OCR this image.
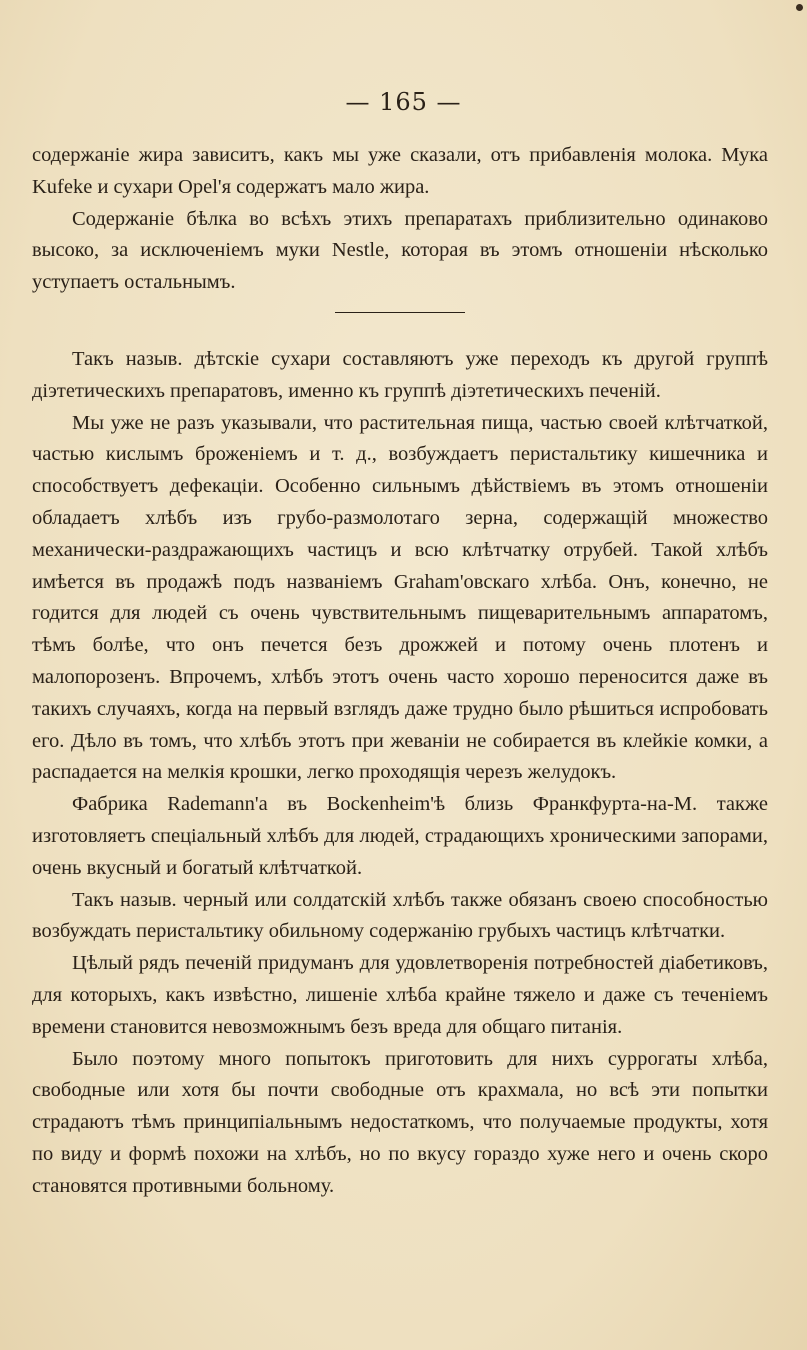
— 165 —

содержаніе жира зависитъ, какъ мы уже сказали, отъ прибавленія молока. Мука Kufeke и сухари Opel'я содержатъ мало жира.

Содержаніе бѣлка во всѣхъ этихъ препаратахъ приблизительно одинаково высоко, за исключеніемъ муки Nestle, которая въ этомъ отношеніи нѣсколько уступаетъ остальнымъ.

Такъ назыв. дѣтскіе сухари составляютъ уже переходъ къ другой группѣ діэтетическихъ препаратовъ, именно къ группѣ діэтетическихъ печеній.

Мы уже не разъ указывали, что растительная пища, частью своей клѣтчаткой, частью кислымъ броженіемъ и т. д., возбуждаетъ перистальтику кишечника и способствуетъ дефекаціи. Особенно сильнымъ дѣйствіемъ въ этомъ отношеніи обладаетъ хлѣбъ изъ грубо-размолотаго зерна, содержащій множество механически-раздражающихъ частицъ и всю клѣтчатку отрубей. Такой хлѣбъ имѣется въ продажѣ подъ названіемъ Graham'овскаго хлѣба. Онъ, конечно, не годится для людей съ очень чувствительнымъ пищеварительнымъ аппаратомъ, тѣмъ болѣе, что онъ печется безъ дрожжей и потому очень плотенъ и малопорозенъ. Впрочемъ, хлѣбъ этотъ очень часто хорошо переносится даже въ такихъ случаяхъ, когда на первый взглядъ даже трудно было рѣшиться испробовать его. Дѣло въ томъ, что хлѣбъ этотъ при жеваніи не собирается въ клейкіе комки, а распадается на мелкія крошки, легко проходящія черезъ желудокъ.

Фабрика Rademann'а въ Bockenheim'ѣ близь Франкфурта-на-М. также изготовляетъ спеціальный хлѣбъ для людей, страдающихъ хроническими запорами, очень вкусный и богатый клѣтчаткой.

Такъ назыв. черный или солдатскій хлѣбъ также обязанъ своею способностью возбуждать перистальтику обильному содержанію грубыхъ частицъ клѣтчатки.

Цѣлый рядъ печеній придуманъ для удовлетворенія потребностей діабетиковъ, для которыхъ, какъ извѣстно, лишеніе хлѣба крайне тяжело и даже съ теченіемъ времени становится невозможнымъ безъ вреда для общаго питанія.

Было поэтому много попытокъ приготовить для нихъ суррогаты хлѣба, свободные или хотя бы почти свободные отъ крахмала, но всѣ эти попытки страдаютъ тѣмъ принципіальнымъ недостаткомъ, что получаемые продукты, хотя по виду и формѣ похожи на хлѣбъ, но по вкусу гораздо хуже него и очень скоро становятся противными больному.
